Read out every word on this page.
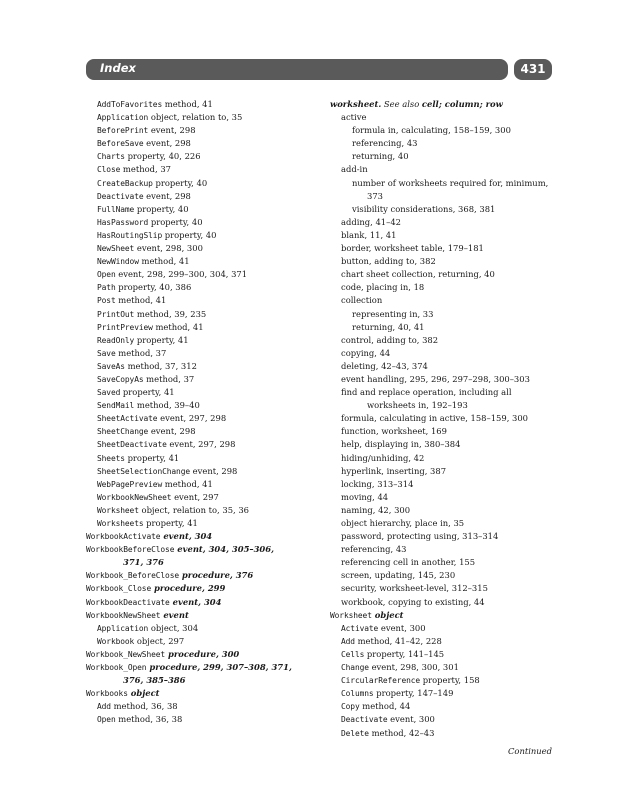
Index	431
AddToFavorites method, 41
Application object, relation to, 35
BeforePrint event, 298
BeforeSave event, 298
Charts property, 40, 226
Close method, 37
CreateBackup property, 40
Deactivate event, 298
FullName property, 40
HasPassword property, 40
HasRoutingSlip property, 40
NewSheet event, 298, 300
NewWindow method, 41
Open event, 298, 299–300, 304, 371
Path property, 40, 386
Post method, 41
PrintOut method, 39, 235
PrintPreview method, 41
ReadOnly property, 41
Save method, 37
SaveAs method, 37, 312
SaveCopyAs method, 37
Saved property, 41
SendMail method, 39–40
SheetActivate event, 297, 298
SheetChange event, 298
SheetDeactivate event, 297, 298
Sheets property, 41
SheetSelectionChange event, 298
WebPagePreview method, 41
WorkbookNewSheet event, 297
Worksheet object, relation to, 35, 36
Worksheets property, 41
WorkbookActivate event, 304
WorkbookBeforeClose event, 304, 305–306,
371, 376
Workbook_BeforeClose procedure, 376
Workbook_Close procedure, 299
WorkbookDeactivate event, 304
WorkbookNewSheet event
Application object, 304
Workbook object, 297
Workbook_NewSheet procedure, 300
Workbook_Open procedure, 299, 307–308, 371,
376, 385–386
Workbooks object
Add method, 36, 38
Open method, 36, 38
worksheet. See also cell; column; row
active
formula in, calculating, 158–159, 300
referencing, 43
returning, 40
add-in
number of worksheets required for, minimum,
373
visibility considerations, 368, 381
adding, 41–42
blank, 11, 41
border, worksheet table, 179–181
button, adding to, 382
chart sheet collection, returning, 40
code, placing in, 18
collection
representing in, 33
returning, 40, 41
control, adding to, 382
copying, 44
deleting, 42–43, 374
event handling, 295, 296, 297–298, 300–303
find and replace operation, including all
worksheets in, 192–193
formula, calculating in active, 158–159, 300
function, worksheet, 169
help, displaying in, 380–384
hiding/unhiding, 42
hyperlink, inserting, 387
locking, 313–314
moving, 44
naming, 42, 300
object hierarchy, place in, 35
password, protecting using, 313–314
referencing, 43
referencing cell in another, 155
screen, updating, 145, 230
security, worksheet-level, 312–315
workbook, copying to existing, 44
Worksheet object
Activate event, 300
Add method, 41–42, 228
Cells property, 141–145
Change event, 298, 300, 301
CircularReference property, 158
Columns property, 147–149
Copy method, 44
Deactivate event, 300
Delete method, 42–43
Continued
